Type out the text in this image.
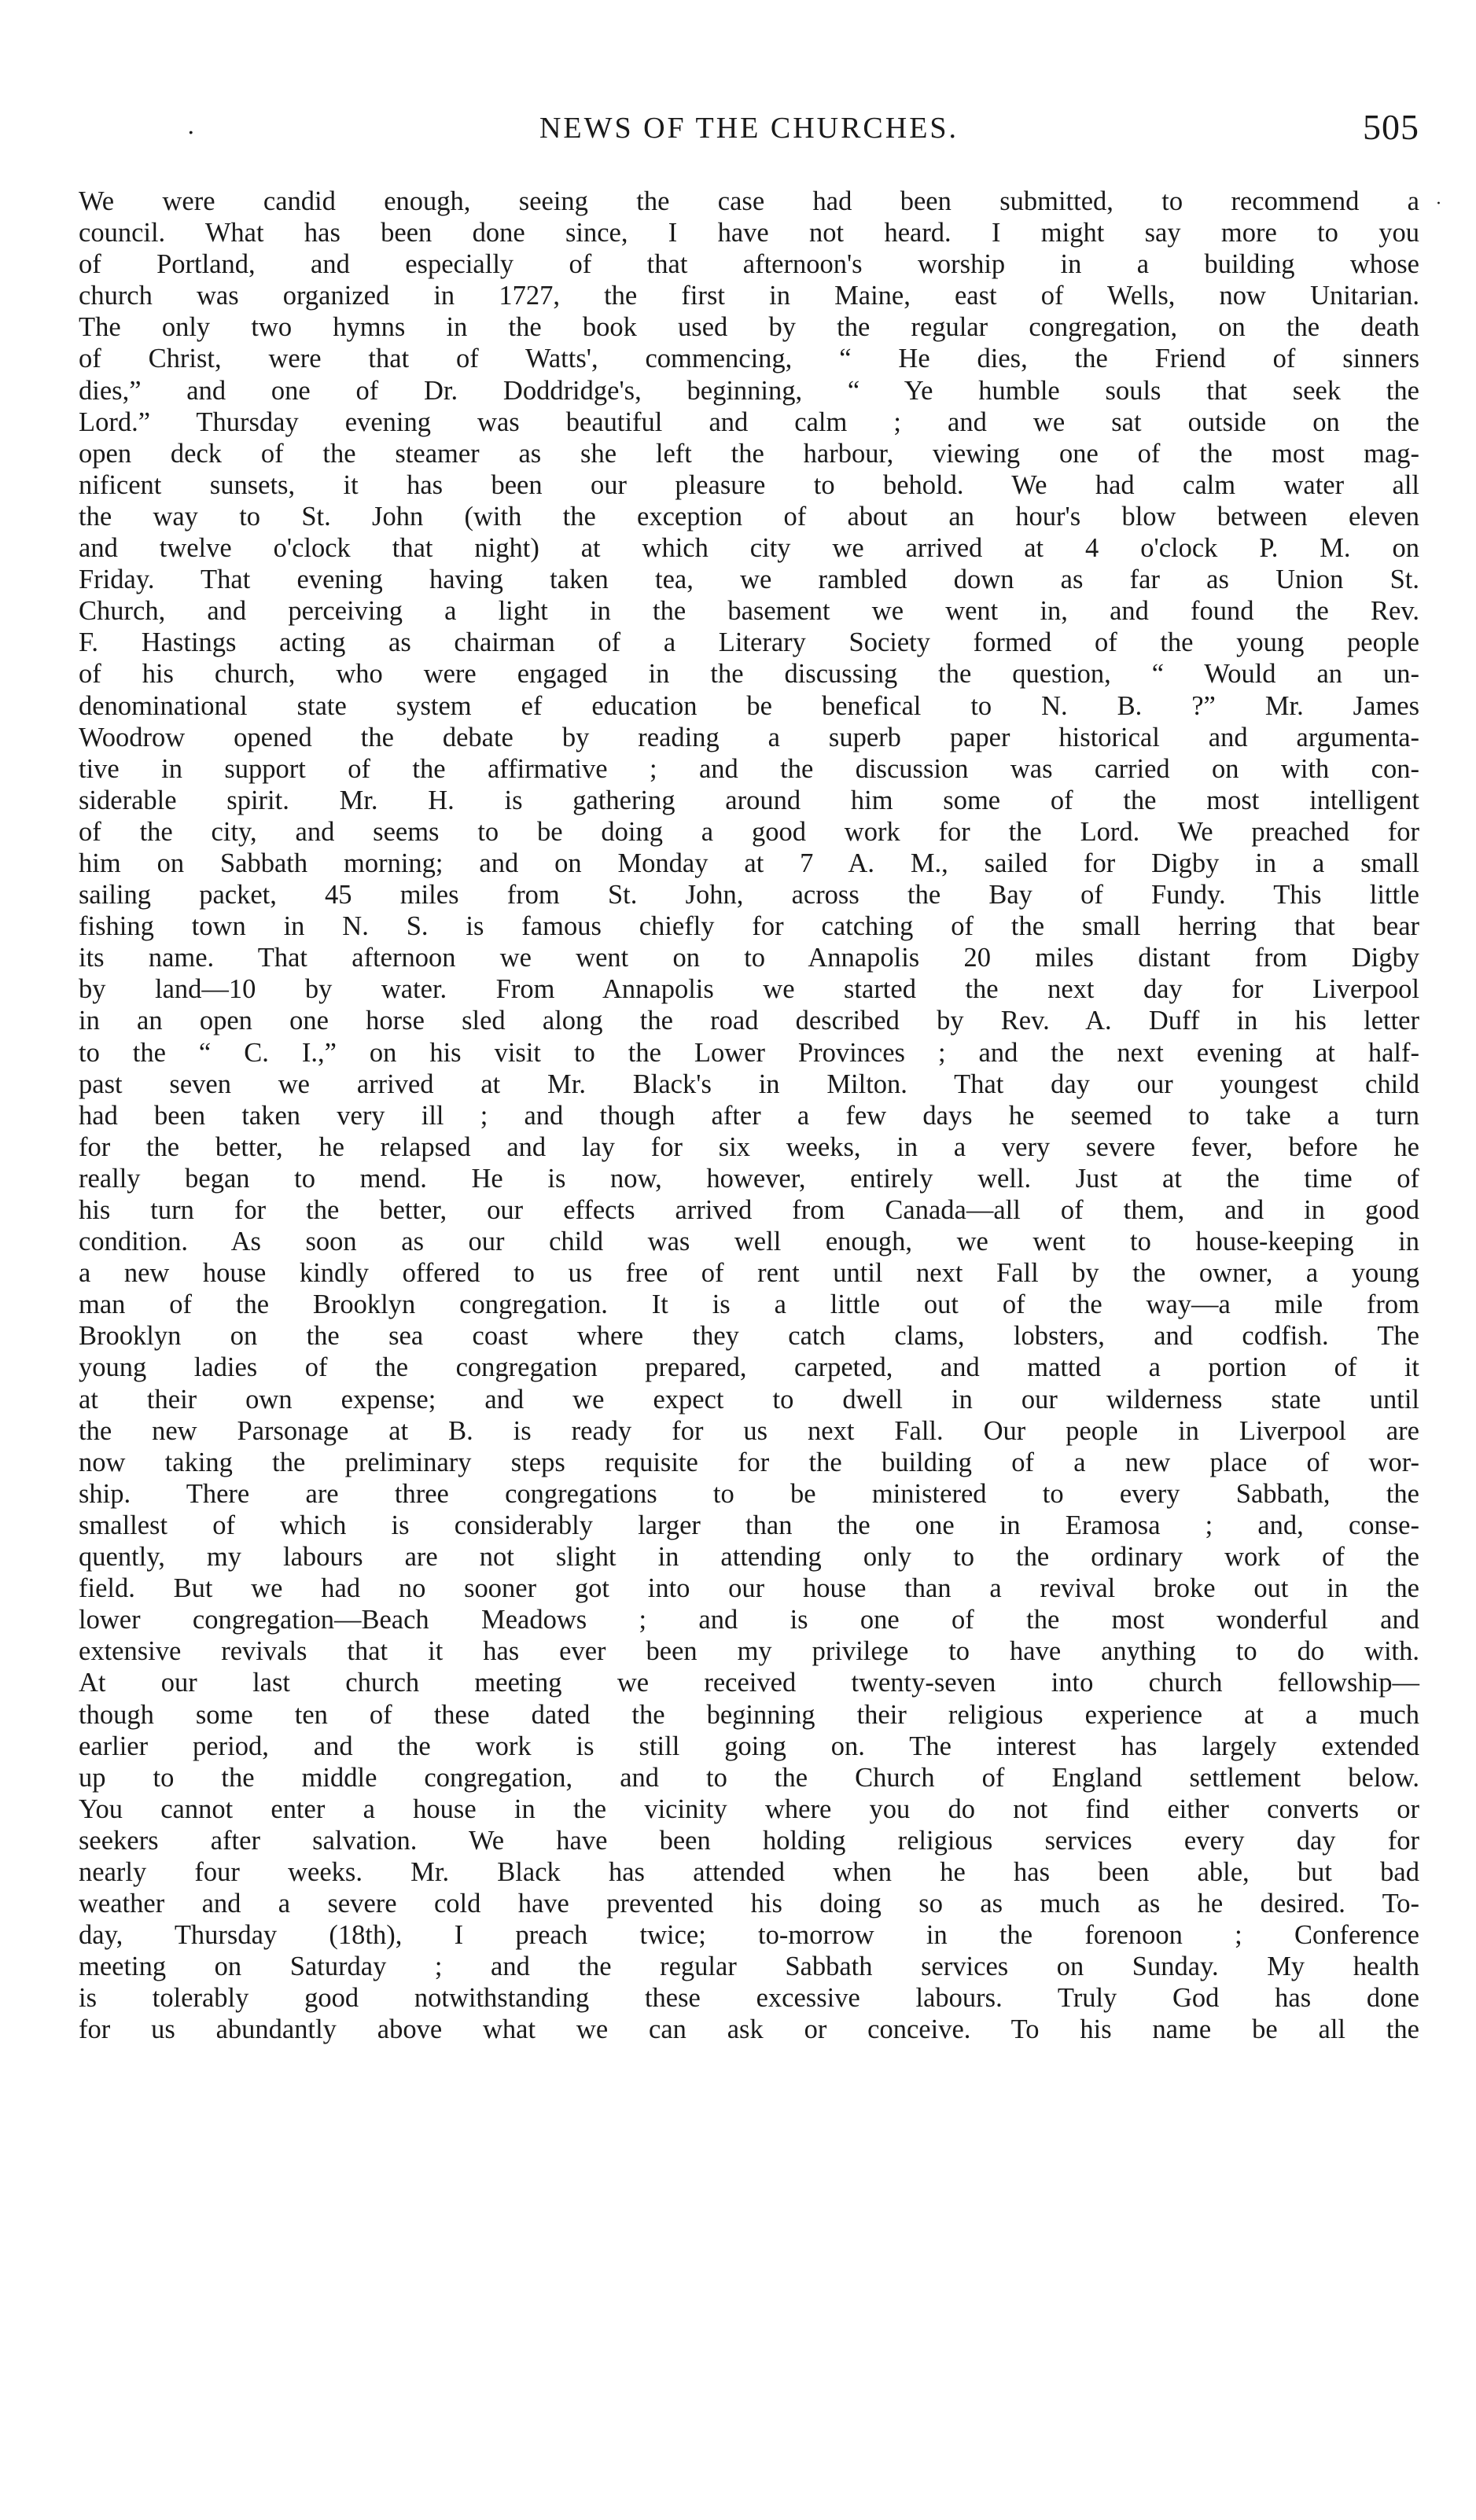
.	NEWS OF THE CHURCHES.	505
·
We were candid enough, seeing the case had been submitted, to recommend a
council. What has been done since, I have not heard. I might say more to you
of Portland, and especially of that afternoon's worship in a building whose
church was organized in 1727, the first in Maine, east of Wells, now Unitarian.
The only two hymns in the book used by the regular congregation, on the death
of Christ, were that of Watts', commencing, “ He dies, the Friend of sinners
dies,” and one of Dr. Doddridge's, beginning, “ Ye humble souls that seek the
Lord.” Thursday evening was beautiful and calm ; and we sat outside on the
open deck of the steamer as she left the harbour, viewing one of the most mag-
nificent sunsets, it has been our pleasure to behold. We had calm water all
the way to St. John (with the exception of about an hour's blow between eleven
and twelve o'clock that night) at which city we arrived at 4 o'clock P. M. on
Friday. That evening having taken tea, we rambled down as far as Union St.
Church, and perceiving a light in the basement we went in, and found the Rev.
F. Hastings acting as chairman of a Literary Society formed of the young people
of his church, who were engaged in the discussing the question, “ Would an un-
denominational state system ef education be benefical to N. B. ?” Mr. James
Woodrow opened the debate by reading a superb paper historical and argumenta-
tive in support of the affirmative ; and the discussion was carried on with con-
siderable spirit. Mr. H. is gathering around him some of the most intelligent
of the city, and seems to be doing a good work for the Lord. We preached for
him on Sabbath morning; and on Monday at 7 A. M., sailed for Digby in a small
sailing packet, 45 miles from St. John, across the Bay of Fundy. This little
fishing town in N. S. is famous chiefly for catching of the small herring that bear
its name. That afternoon we went on to Annapolis 20 miles distant from Digby
by land—10 by water. From Annapolis we started the next day for Liverpool
in an open one horse sled along the road described by Rev. A. Duff in his letter
to the “ C. I.,” on his visit to the Lower Provinces ; and the next evening at half-
past seven we arrived at Mr. Black's in Milton. That day our youngest child
had been taken very ill ; and though after a few days he seemed to take a turn
for the better, he relapsed and lay for six weeks, in a very severe fever, before he
really began to mend. He is now, however, entirely well. Just at the time of
his turn for the better, our effects arrived from Canada—all of them, and in good
condition. As soon as our child was well enough, we went to house-keeping in
a new house kindly offered to us free of rent until next Fall by the owner, a young
man of the Brooklyn congregation. It is a little out of the way—a mile from
Brooklyn on the sea coast where they catch clams, lobsters, and codfish. The
young ladies of the congregation prepared, carpeted, and matted a portion of it
at their own expense; and we expect to dwell in our wilderness state until
the new Parsonage at B. is ready for us next Fall. Our people in Liverpool are
now taking the preliminary steps requisite for the building of a new place of wor-
ship. There are three congregations to be ministered to every Sabbath, the
smallest of which is considerably larger than the one in Eramosa ; and, conse-
quently, my labours are not slight in attending only to the ordinary work of the
field. But we had no sooner got into our house than a revival broke out in the
lower congregation—Beach Meadows ; and is one of the most wonderful and
extensive revivals that it has ever been my privilege to have anything to do with.
At our last church meeting we received twenty-seven into church fellowship—
though some ten of these dated the beginning their religious experience at a much
earlier period, and the work is still going on. The interest has largely extended
up to the middle congregation, and to the Church of England settlement below.
You cannot enter a house in the vicinity where you do not find either converts or
seekers after salvation. We have been holding religious services every day for
nearly four weeks. Mr. Black has attended when he has been able, but bad
weather and a severe cold have prevented his doing so as much as he desired. To-
day, Thursday (18th), I preach twice; to-morrow in the forenoon ; Conference
meeting on Saturday ; and the regular Sabbath services on Sunday. My health
is tolerably good notwithstanding these excessive labours. Truly God has done
for us abundantly above what we can ask or conceive. To his name be all the
